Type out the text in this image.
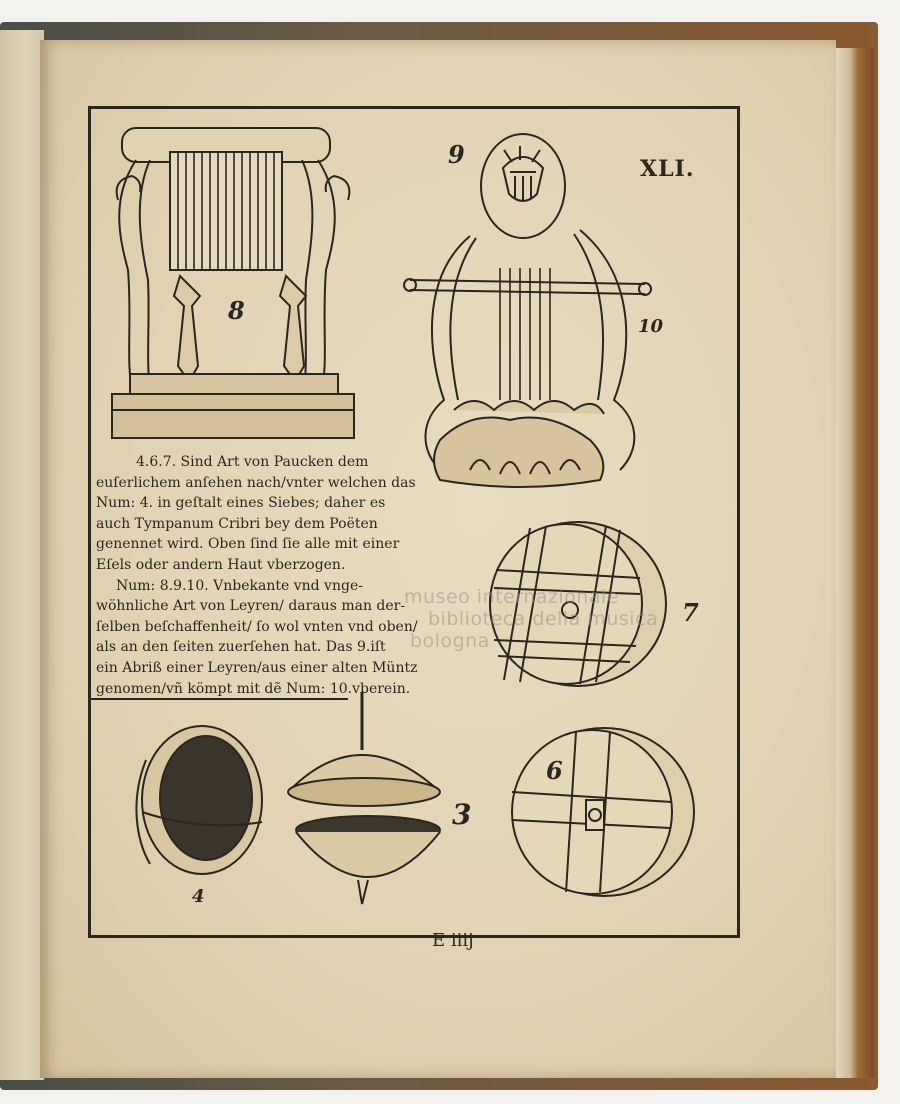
XLI.
9
8
10
7
6
3
4
4.6.7. Sind Art von Paucken dem
euſerlichem anſehen nach/vnter welchen das
Num: 4. in geſtalt eines Siebes; daher es
auch Tympanum Cribri bey dem Poëten
genennet wird. Oben ſind ſie alle mit einer
Eſels oder andern Haut vberzogen.
Num: 8.9.10. Vnbekante vnd vnge-
wöhnliche Art von Leyren/ daraus man der-
ſelben beſchaffenheit/ ſo wol vnten vnd oben/
als an den ſeiten zuerſehen hat. Das 9.iſt
ein Abriß einer Leyren/aus einer alten Müntz
genomen/vñ kömpt mit dẽ Num: 10.vberein.
museo internazionale
biblioteca della musica
bologna
E iiij
